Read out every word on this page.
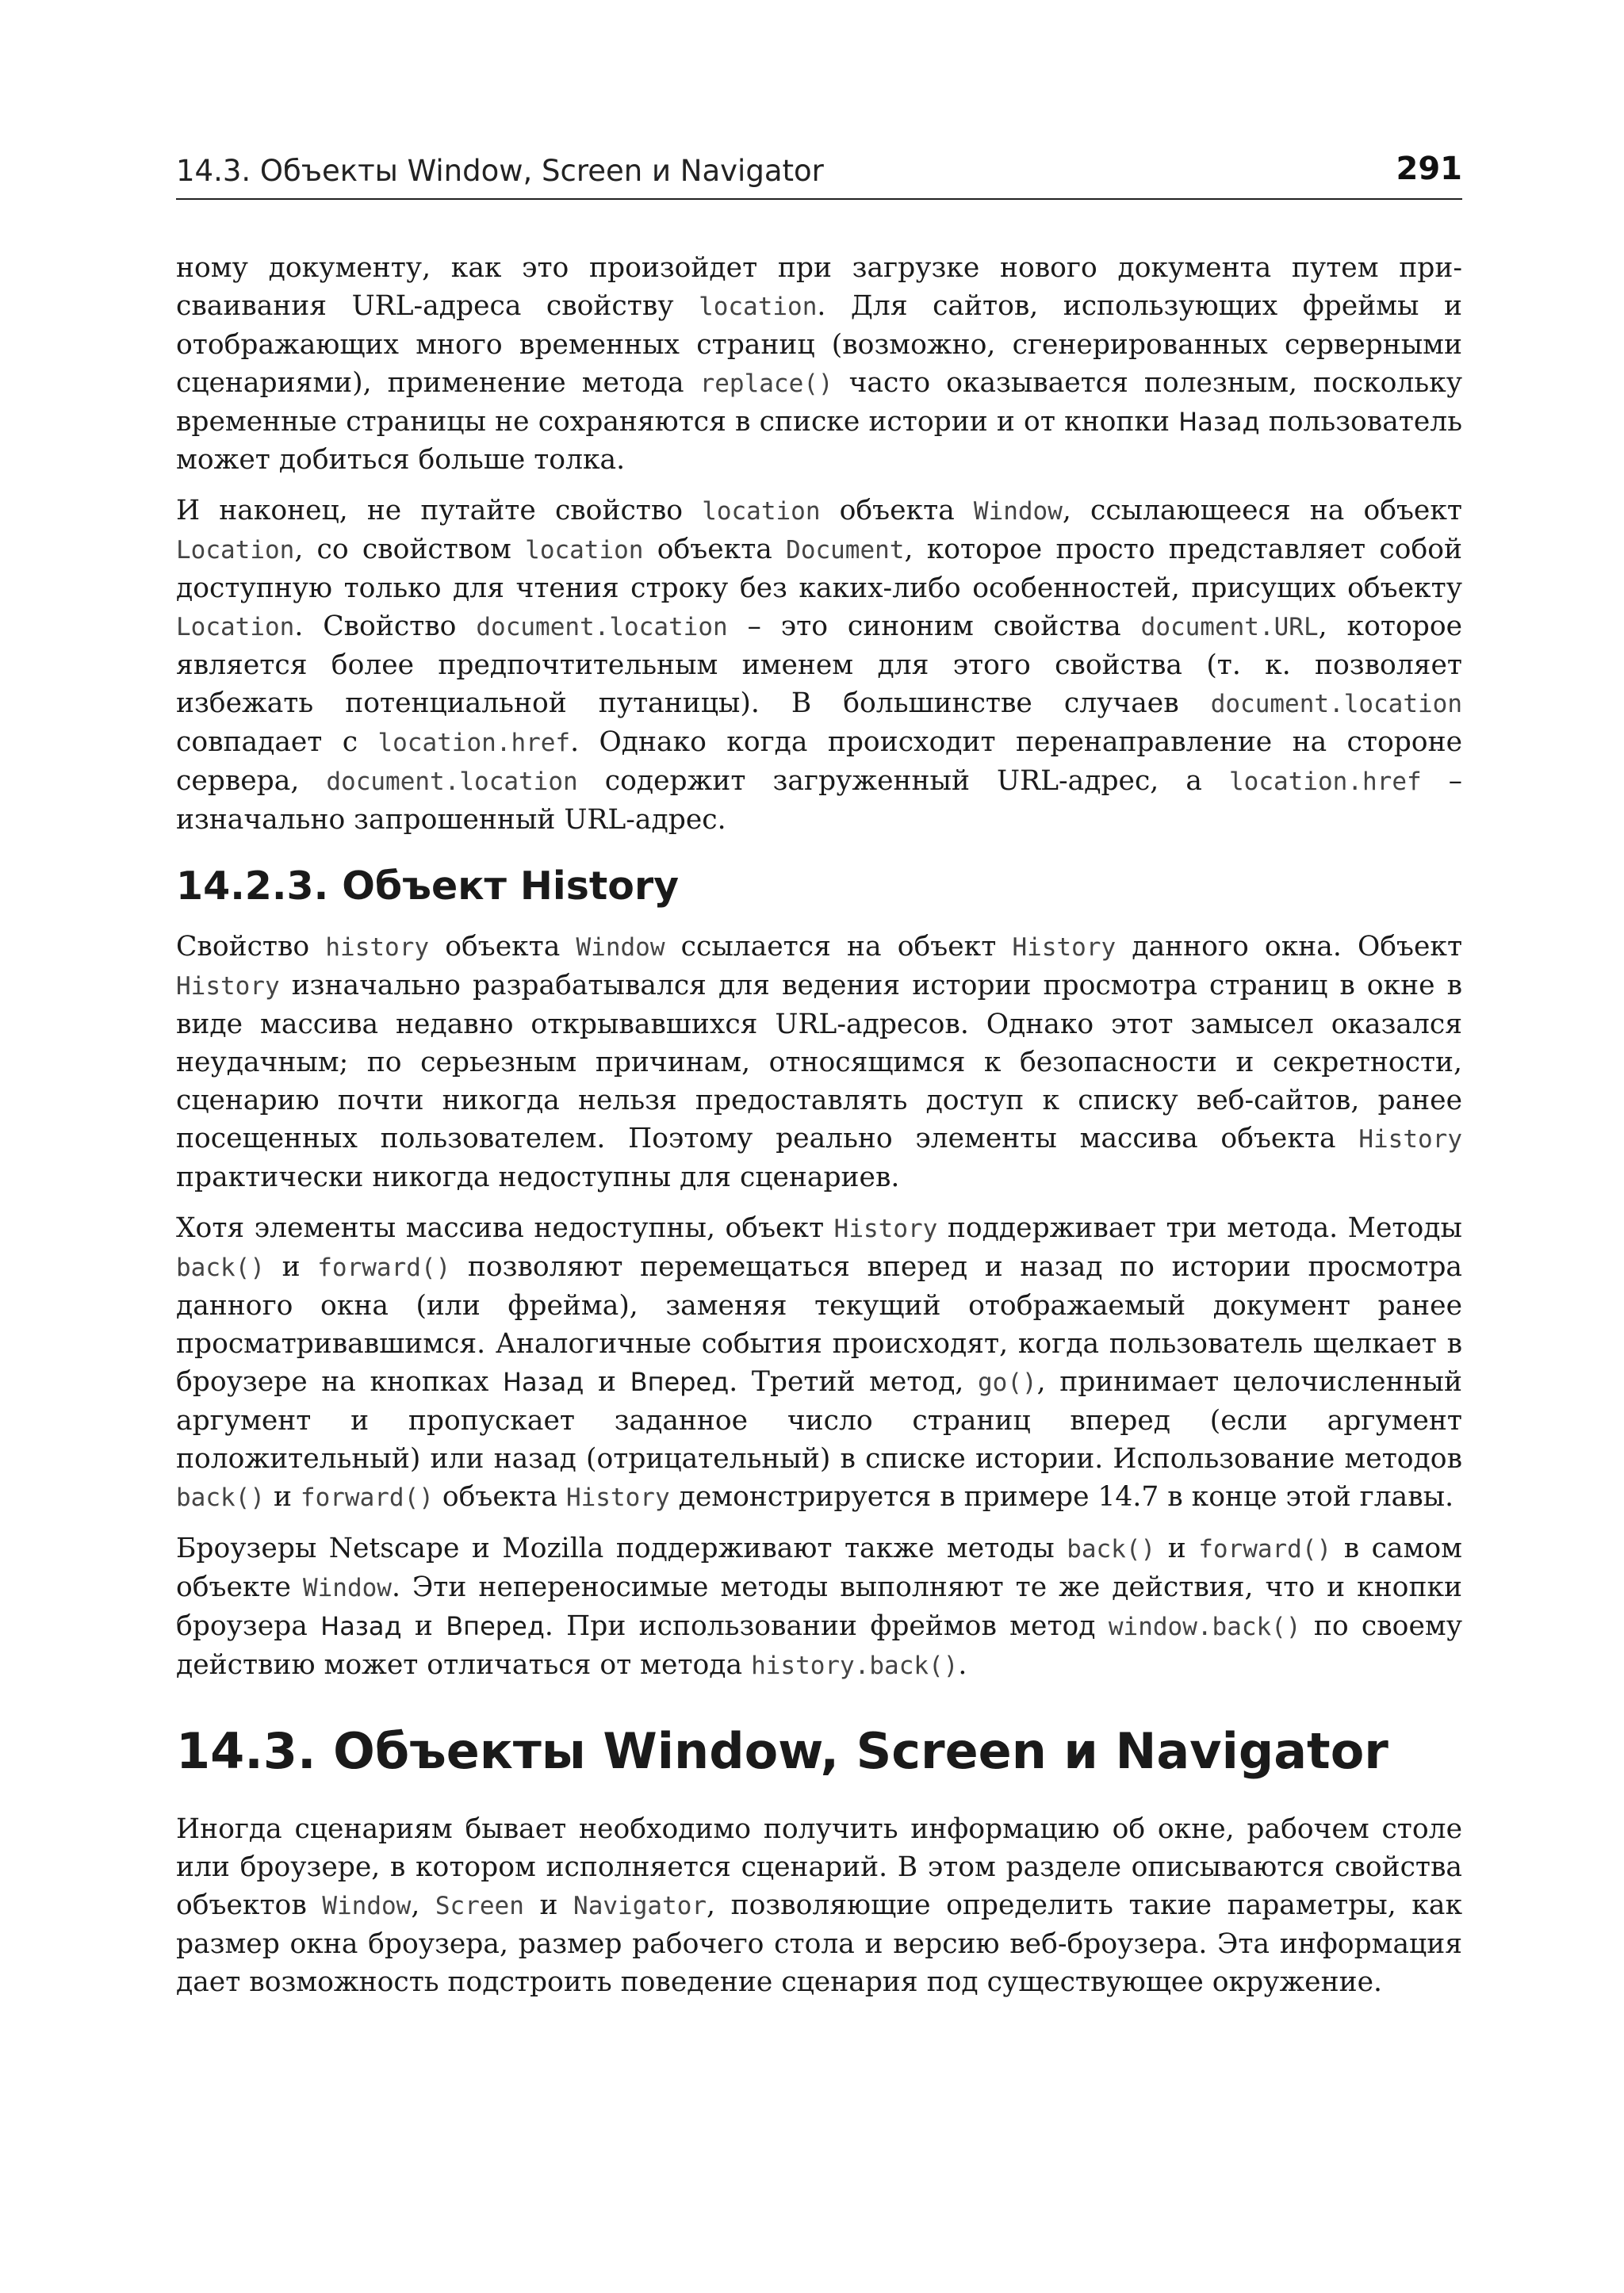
14.3. Объекты Window, Screen и Navigator	291

ному документу, как это произойдет при загрузке нового документа путем присваивания URL-адреса свойству location. Для сайтов, использующих фреймы и отображающих много временных страниц (возможно, сгенерированных серверными сценариями), применение метода replace() часто оказывается полезным, поскольку временные страницы не сохраняются в списке истории и от кнопки Назад пользователь может добиться больше толка.

И наконец, не путайте свойство location объекта Window, ссылающееся на объект Location, со свойством location объекта Document, которое просто представляет собой доступную только для чтения строку без каких-либо особенностей, присущих объекту Location. Свойство document.location – это синоним свойства document.URL, которое является более предпочтительным именем для этого свойства (т. к. позволяет избежать потенциальной путаницы). В большинстве случаев document.location совпадает с location.href. Однако когда происходит перенаправление на стороне сервера, document.location содержит загруженный URL-адрес, а location.href – изначально запрошенный URL-адрес.

14.2.3. Объект History

Свойство history объекта Window ссылается на объект History данного окна. Объект History изначально разрабатывался для ведения истории просмотра страниц в окне в виде массива недавно открывавшихся URL-адресов. Однако этот замысел оказался неудачным; по серьезным причинам, относящимся к безопасности и секретности, сценарию почти никогда нельзя предоставлять доступ к списку веб-сайтов, ранее посещенных пользователем. Поэтому реально элементы массива объекта History практически никогда недоступны для сценариев.

Хотя элементы массива недоступны, объект History поддерживает три метода. Методы back() и forward() позволяют перемещаться вперед и назад по истории просмотра данного окна (или фрейма), заменяя текущий отображаемый документ ранее просматривавшимся. Аналогичные события происходят, когда пользователь щелкает в броузере на кнопках Назад и Вперед. Третий метод, go(), принимает целочисленный аргумент и пропускает заданное число страниц вперед (если аргумент положительный) или назад (отрицательный) в списке истории. Использование методов back() и forward() объекта History демонстрируется в примере 14.7 в конце этой главы.

Броузеры Netscape и Mozilla поддерживают также методы back() и forward() в самом объекте Window. Эти непереносимые методы выполняют те же действия, что и кнопки броузера Назад и Вперед. При использовании фреймов метод window.back() по своему действию может отличаться от метода history.back().

14.3. Объекты Window, Screen и Navigator

Иногда сценариям бывает необходимо получить информацию об окне, рабочем столе или броузере, в котором исполняется сценарий. В этом разделе описываются свойства объектов Window, Screen и Navigator, позволяющие определить такие параметры, как размер окна броузера, размер рабочего стола и версию веб-броузера. Эта информация дает возможность подстроить поведение сценария под существующее окружение.
